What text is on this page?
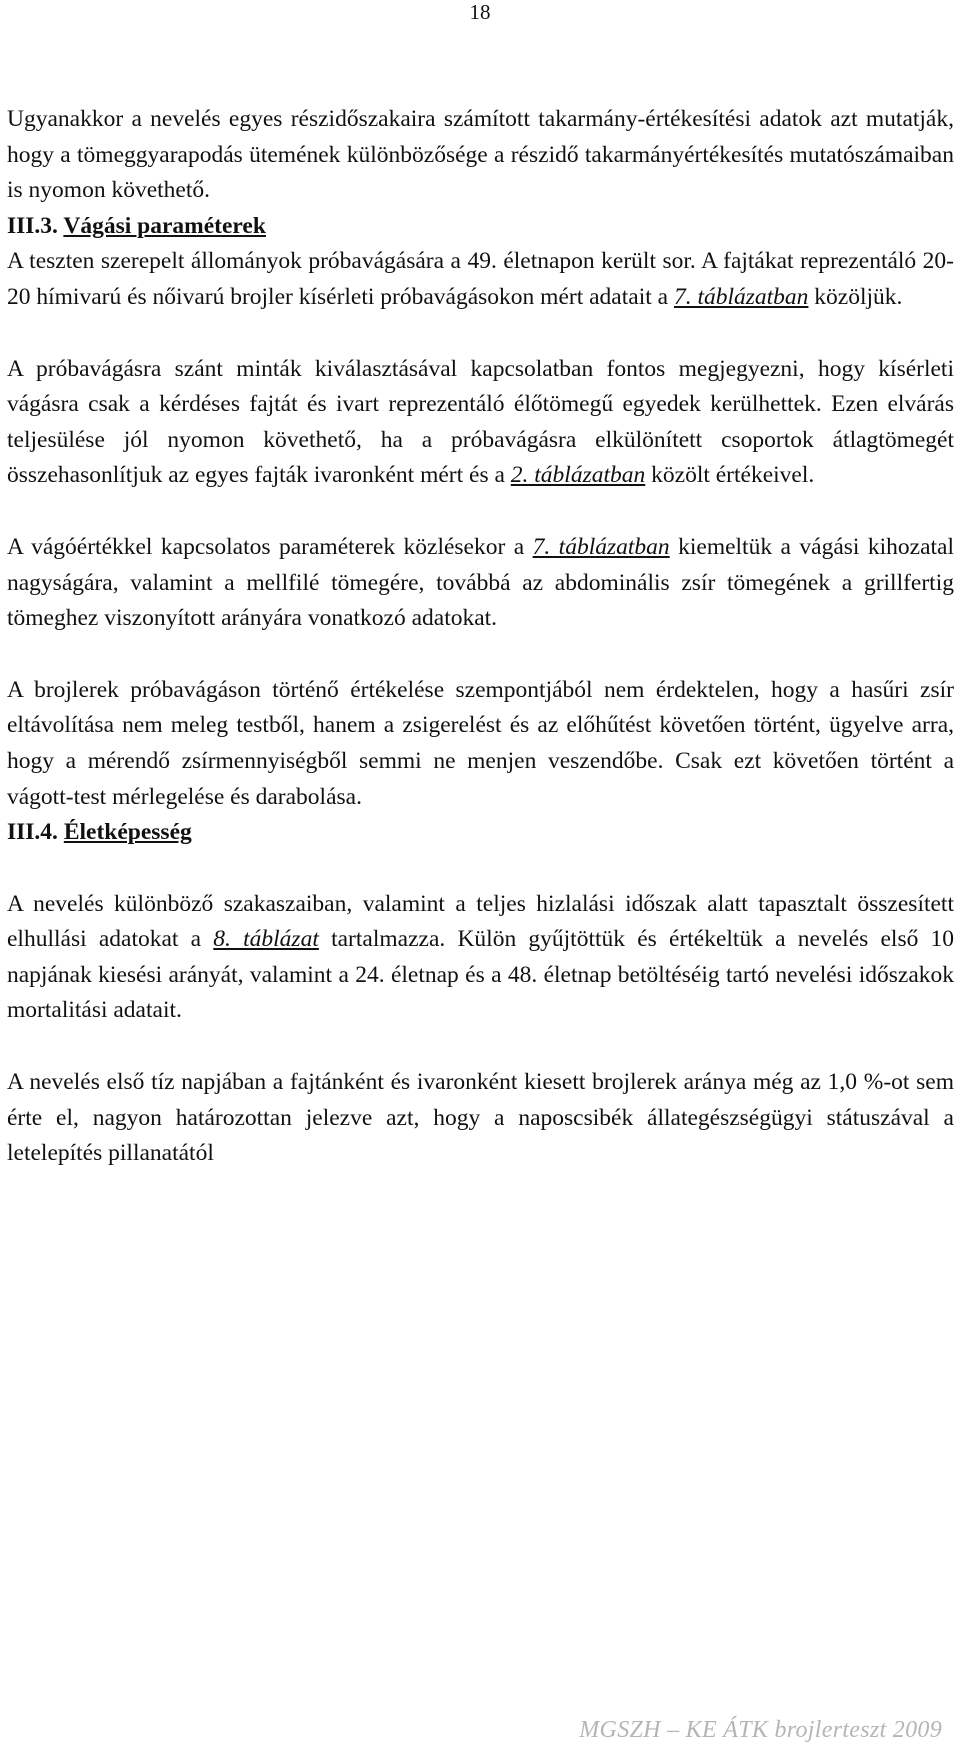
18

Ugyanakkor a nevelés egyes részidőszakaira számított takarmány-értékesítési adatok azt mutatják, hogy a tömeggyarapodás ütemének különbözősége a részidő takarmányértékesítés mutatószámaiban is nyomon követhető.

III.3. Vágási paraméterek

A teszten szerepelt állományok próbavágására a 49. életnapon került sor. A fajtákat reprezentáló 20-20 hímivarú és nőivarú brojler kísérleti próbavágásokon mért adatait a 7. táblázatban közöljük.

A próbavágásra szánt minták kiválasztásával kapcsolatban fontos megjegyezni, hogy kísérleti vágásra csak a kérdéses fajtát és ivart reprezentáló élőtömegű egyedek kerülhettek. Ezen elvárás teljesülése jól nyomon követhető, ha a próbavágásra elkülönített csoportok átlagtömegét összehasonlítjuk az egyes fajták ivaronként mért és a 2. táblázatban közölt értékeivel.

A vágóértékkel kapcsolatos paraméterek közlésekor a 7. táblázatban kiemeltük a vágási kihozatal nagyságára, valamint a mellfilé tömegére, továbbá az abdominális zsír tömegének a grillfertig tömeghez viszonyított arányára vonatkozó adatokat.

A brojlerek próbavágáson történő értékelése szempontjából nem érdektelen, hogy a hasűri zsír eltávolítása nem meleg testből, hanem a zsigerelést és az előhűtést követően történt, ügyelve arra, hogy a mérendő zsírmennyiségből semmi ne menjen veszendőbe. Csak ezt követően történt a vágott-test mérlegelése és darabolása.

III.4. Életképesség

A nevelés különböző szakaszaiban, valamint a teljes hizlalási időszak alatt tapasztalt összesített elhullási adatokat a 8. táblázat tartalmazza. Külön gyűjtöttük és értékeltük a nevelés első 10 napjának kiesési arányát, valamint a 24. életnap és a 48. életnap betöltéséig tartó nevelési időszakok mortalitási adatait.

A nevelés első tíz napjában a fajtánként és ivaronként kiesett brojlerek aránya még az 1,0 %-ot sem érte el, nagyon határozottan jelezve azt, hogy a naposcsibék állategészségügyi státuszával a letelepítés pillanatától

MGSZH – KE ÁTK brojlerteszt 2009
